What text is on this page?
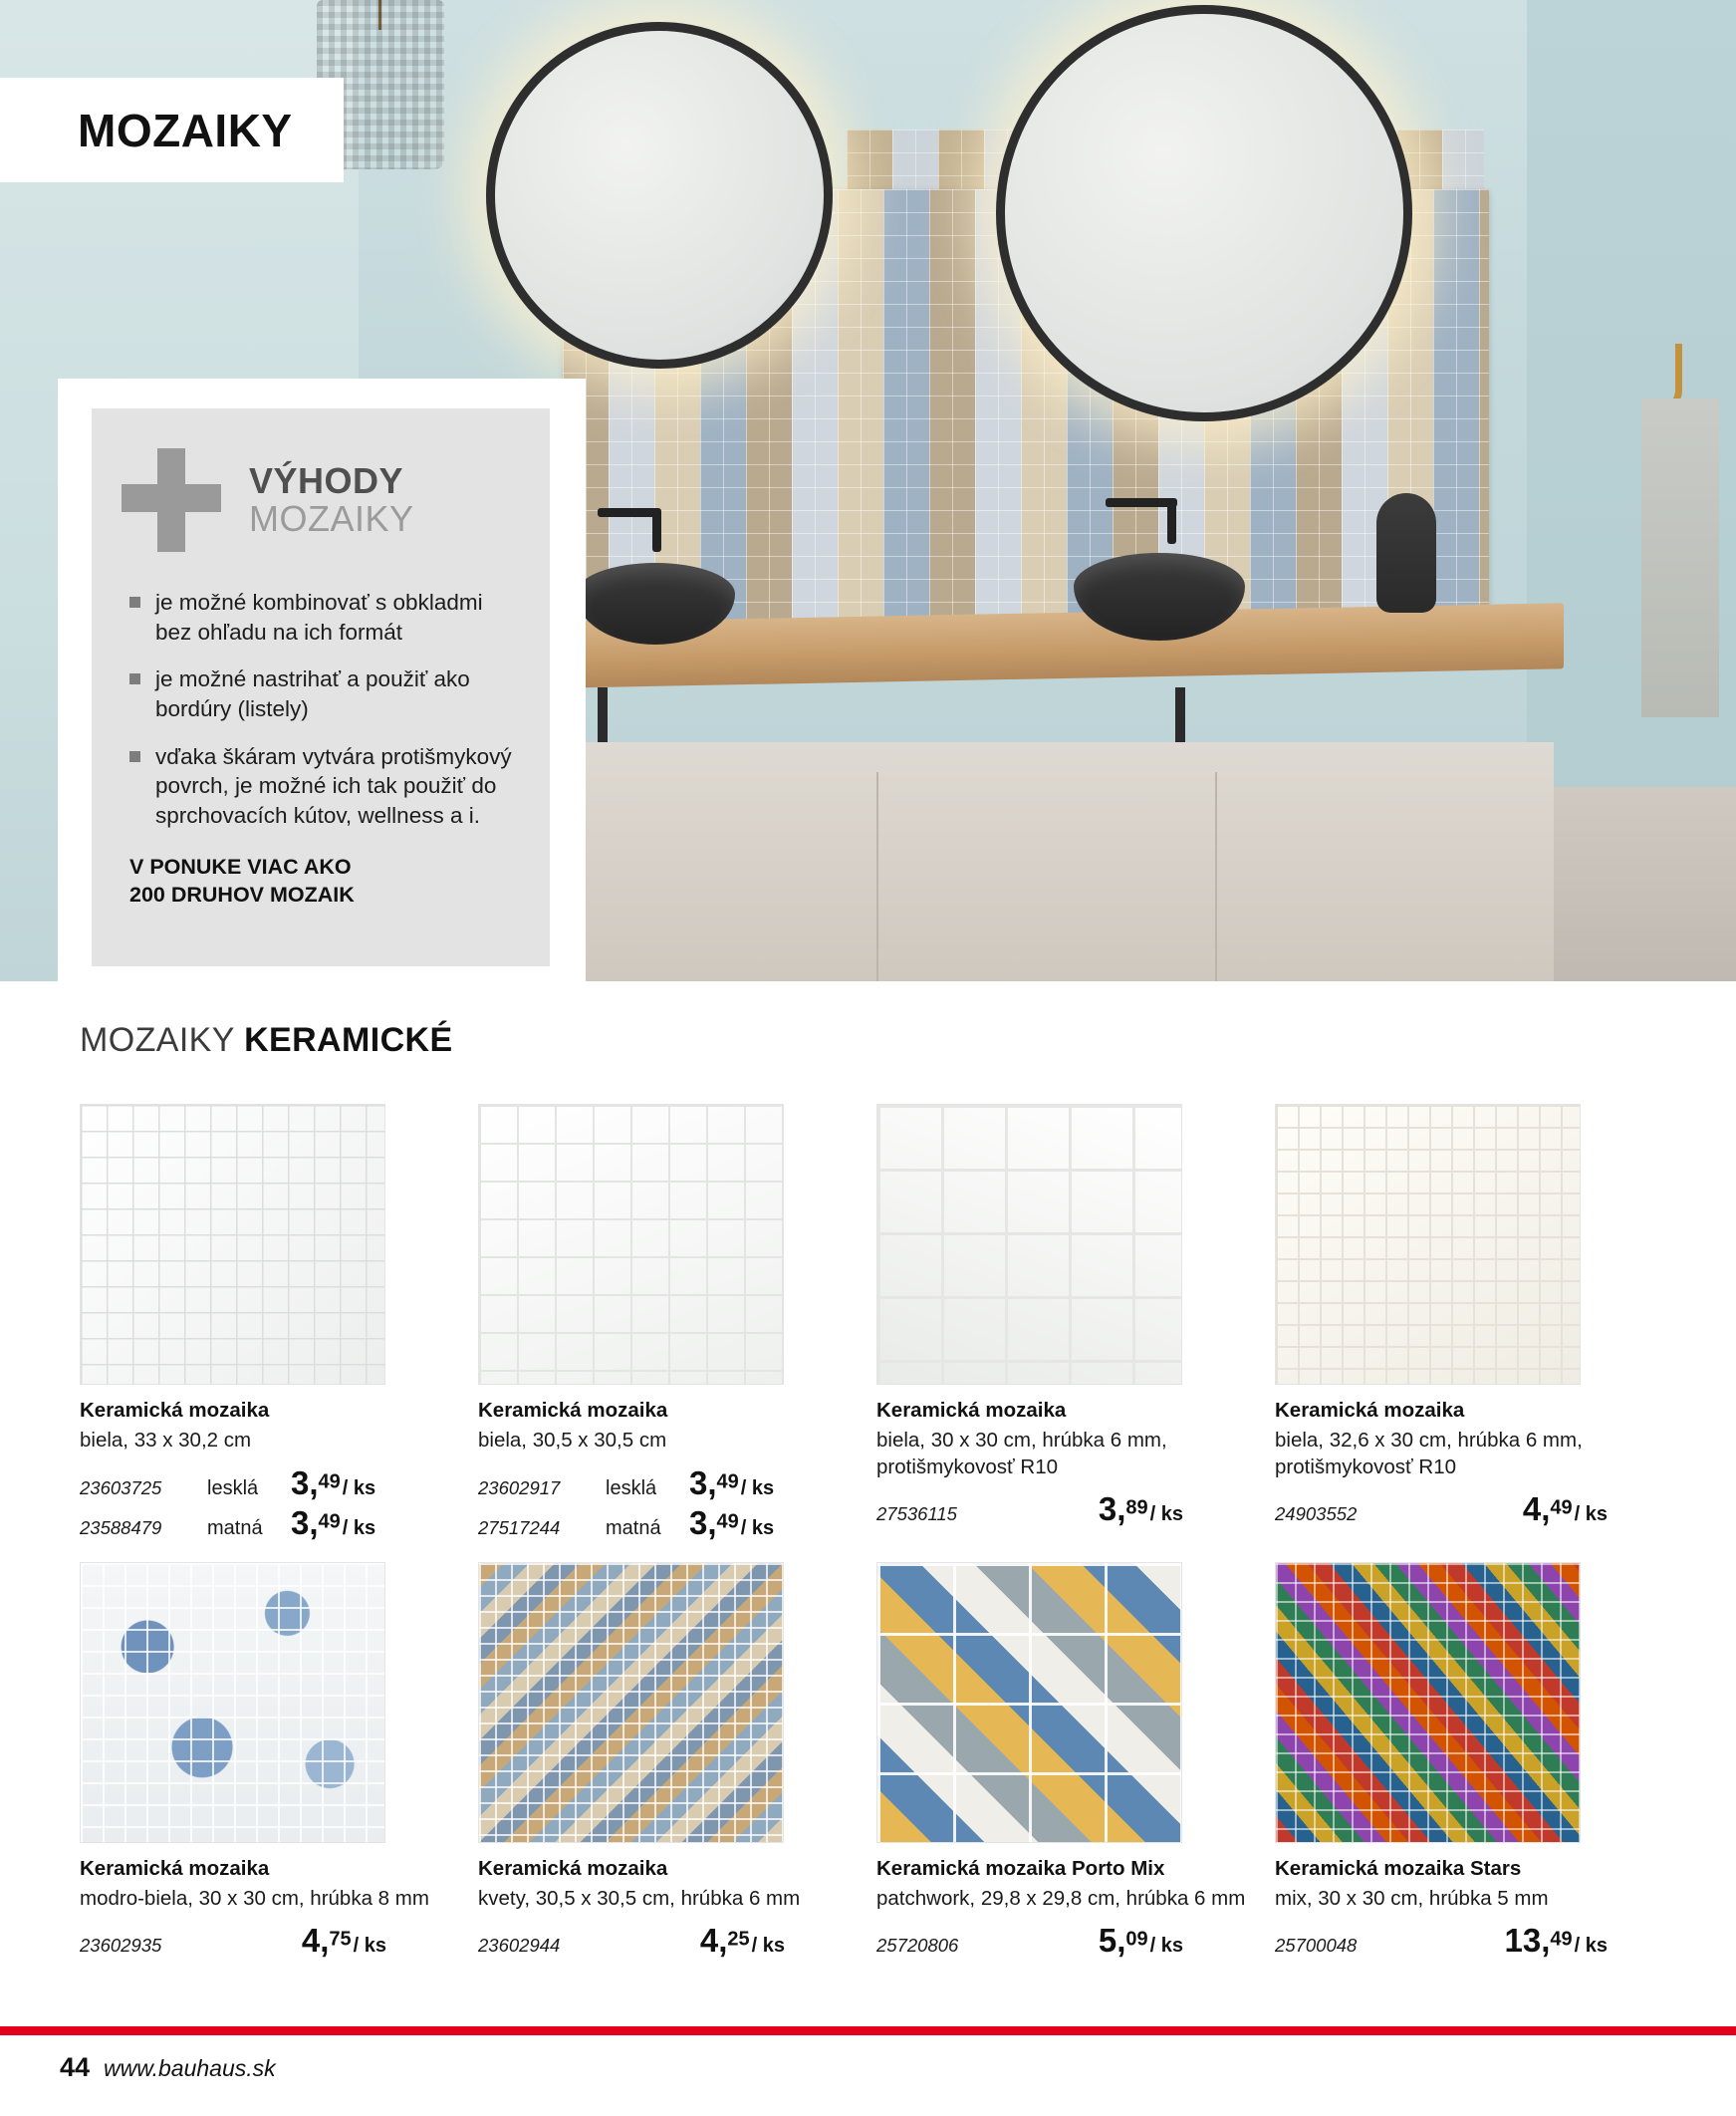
MOZAIKY
VÝHODY
MOZAIKY
je možné kombinovať s obkladmi bez ohľadu na ich formát
je možné nastrihať a použiť ako bordúry (listely)
vďaka škáram vytvára protišmykový povrch, je možné ich tak použiť do sprchovacích kútov, wellness a i.
V PONUKE VIAC AKO
200 DRUHOV MOZAIK
MOZAIKY KERAMICKÉ

Keramická mozaika

biela, 33 x 30,2 cm

23603725	lesklá 3,49 / ks
23588479	matná 3,49 / ks

Keramická mozaika

biela, 30,5 x 30,5 cm

23602917	lesklá 3,49 / ks
27517244	matná 3,49 / ks

Keramická mozaika

biela, 30 x 30 cm, hrúbka 6 mm, protišmykovosť R10

27536115	3,89 / ks

Keramická mozaika

biela, 32,6 x 30 cm, hrúbka 6 mm, protišmykovosť R10

24903552	4,49 / ks

Keramická mozaika

modro-biela, 30 x 30 cm, hrúbka 8 mm

23602935	4,75 / ks

Keramická mozaika

kvety, 30,5 x 30,5 cm, hrúbka 6 mm

23602944	4,25 / ks

Keramická mozaika Porto Mix

patchwork, 29,8 x 29,8 cm, hrúbka 6 mm

25720806	5,09 / ks

Keramická mozaika Stars

mix, 30 x 30 cm, hrúbka 5 mm

25700048	13,49 / ks
44 www.bauhaus.sk
